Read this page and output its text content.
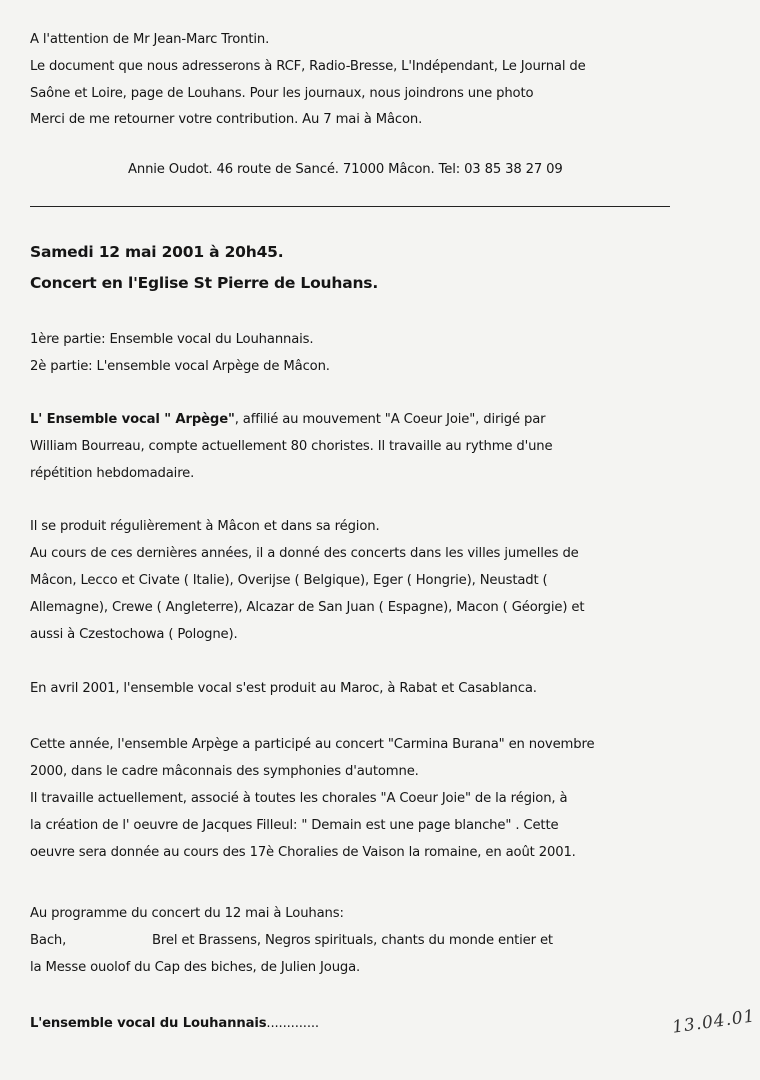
A l'attention de Mr Jean-Marc Trontin.
Le document que nous adresserons à RCF, Radio-Bresse, L'Indépendant, Le Journal de
Saône et Loire, page de Louhans. Pour les journaux, nous joindrons une photo
Merci de me retourner votre contribution. Au 7 mai à Mâcon.
Annie Oudot. 46 route de Sancé. 71000 Mâcon. Tel: 03 85 38 27 09
Samedi 12 mai 2001 à 20h45.
Concert en l'Eglise St Pierre de Louhans.
1ère partie: Ensemble vocal du Louhannais.
2è partie: L'ensemble vocal Arpège de Mâcon.
L' Ensemble vocal " Arpège", affilié au mouvement "A Coeur Joie", dirigé par
William Bourreau, compte actuellement 80 choristes. Il travaille au rythme d'une
répétition hebdomadaire.
Il se produit régulièrement à Mâcon et dans sa région.
Au cours de ces dernières années, il a donné des concerts dans les villes jumelles de
Mâcon, Lecco et Civate ( Italie), Overijse ( Belgique), Eger ( Hongrie), Neustadt (
Allemagne), Crewe ( Angleterre), Alcazar de San Juan ( Espagne), Macon ( Géorgie) et
aussi à Czestochowa ( Pologne).
En avril 2001, l'ensemble vocal s'est produit au Maroc, à Rabat et Casablanca.
Cette année, l'ensemble Arpège a participé au concert "Carmina Burana" en novembre
2000, dans le cadre mâconnais des symphonies d'automne.
Il travaille actuellement, associé à toutes les chorales "A Coeur Joie" de la région, à
la création de l' oeuvre de Jacques Filleul: " Demain est une page blanche" . Cette
oeuvre sera donnée au cours des 17è Choralies de Vaison la romaine, en août 2001.
Au programme du concert du 12 mai à Louhans:
Bach,	Brel et Brassens, Negros spirituals, chants du monde entier et
la Messe ouolof du Cap des biches, de Julien Jouga.
L'ensemble vocal du Louhannais.............	13.04.01
